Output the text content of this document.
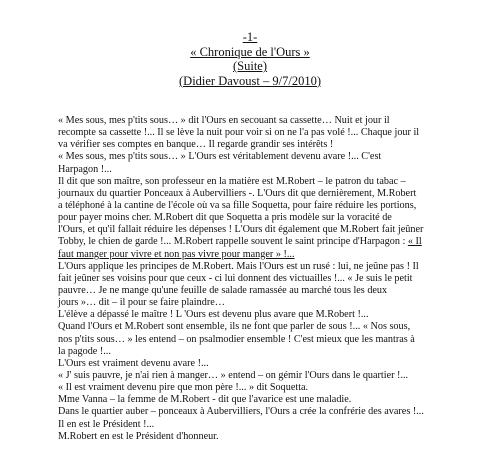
-1-
« Chronique de l'Ours »
(Suite)
(Didier Davoust – 9/7/2010)
« Mes sous, mes p'tits sous… » dit l'Ours en secouant sa cassette… Nuit et jour il
recompte sa cassette !... Il se lève la nuit pour voir si on ne l'a pas volé !... Chaque jour il
va vérifier ses comptes en banque… Il regarde grandir ses intérêts !
« Mes sous, mes p'tits sous… » L'Ours est véritablement devenu avare !... C'est
Harpagon !...
Il dit que son maître, son professeur en la matière est M.Robert – le patron du tabac –
journaux du quartier Ponceaux à Aubervilliers -. L'Ours dit que dernièrement, M.Robert
a téléphoné à la cantine de l'école où va sa fille Soquetta, pour faire réduire les portions,
pour payer moins cher. M.Robert dit que Soquetta a pris modèle sur la voracité de
l'Ours, et qu'il fallait réduire les dépenses ! L'Ours dit également que M.Robert fait jeûner
Tobby, le chien de garde !... M.Robert rappelle souvent le saint principe d'Harpagon : « Il
faut manger pour vivre et non pas vivre pour manger » !...
L'Ours applique les principes de M.Robert. Mais l'Ours est un rusé : lui, ne jeûne pas ! Il
fait jeûner ses voisins pour que ceux - ci lui donnent des victuailles !... « Je suis le petit
pauvre… Je ne mange qu'une feuille de salade ramassée au marché tous les deux
jours »… dit – il pour se faire plaindre…
L'élève a dépassé le maître ! L 'Ours est devenu plus avare que M.Robert !...
Quand l'Ours et M.Robert sont ensemble, ils ne font que parler de sous !... « Nos sous,
nos p'tits sous… » les entend – on psalmodier ensemble ! C'est mieux que les mantras à
la pagode !...
L'Ours est vraiment devenu avare !...
« J' suis pauvre, je n'ai rien à manger… » entend – on gémir l'Ours dans le quartier !...
« Il est vraiment devenu pire que mon père !... » dit Soquetta.
Mme Vanna – la femme de M.Robert - dit que l'avarice est une maladie.
Dans le quartier auber – ponceaux à Aubervilliers, l'Ours a crée la confrérie des avares !...
Il en est le Président !...
M.Robert en est le Président d'honneur.
